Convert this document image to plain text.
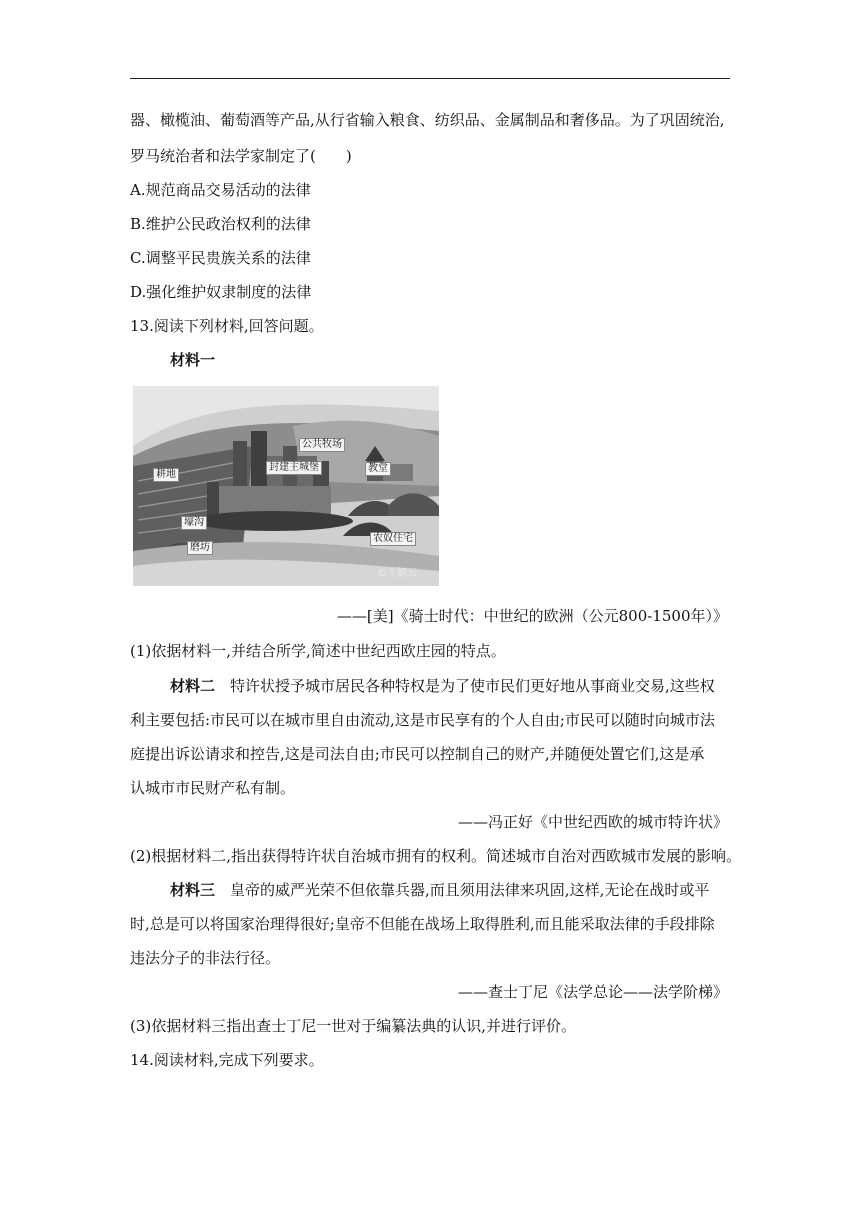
器、橄榄油、葡萄酒等产品,从行省输入粮食、纺织品、金属制品和奢侈品。为了巩固统治,
罗马统治者和法学家制定了(　　)
A.规范商品交易活动的法律
B.维护公民政治权利的法律
C.调整平民贵族关系的法律
D.强化维护奴隶制度的法律
13.阅读下列材料,回答问题。
材料一
公共牧场
耕地
封建主城堡	教堂
壕沟
磨坊
农奴住宅
©王婧云
——[美]《骑士时代：中世纪的欧洲（公元800-1500年）》
(1)依据材料一,并结合所学,简述中世纪西欧庄园的特点。
材料二　 特许状授予城市居民各种特权是为了使市民们更好地从事商业交易,这些权
利主要包括:市民可以在城市里自由流动,这是市民享有的个人自由;市民可以随时向城市法
庭提出诉讼请求和控告,这是司法自由;市民可以控制自己的财产,并随便处置它们,这是承
认城市市民财产私有制。
——冯正好《中世纪西欧的城市特许状》
(2)根据材料二,指出获得特许状自治城市拥有的权利。简述城市自治对西欧城市发展的影响。
材料三　 皇帝的威严光荣不但依靠兵器,而且须用法律来巩固,这样,无论在战时或平
时,总是可以将国家治理得很好;皇帝不但能在战场上取得胜利,而且能采取法律的手段排除
违法分子的非法行径。
——查士丁尼《法学总论——法学阶梯》
(3)依据材料三指出查士丁尼一世对于编纂法典的认识,并进行评价。
14.阅读材料,完成下列要求。
